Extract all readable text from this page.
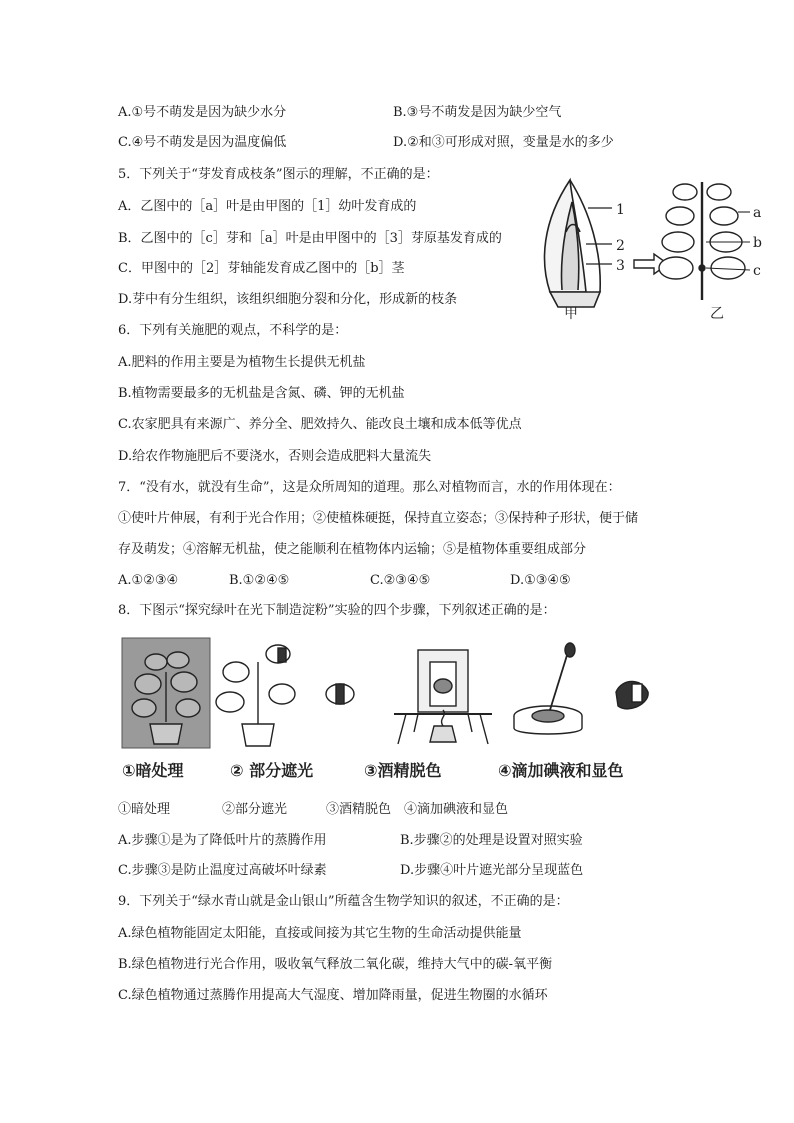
A.①号不萌发是因为缺少水分	B.③号不萌发是因为缺少空气
C.④号不萌发是因为温度偏低	D.②和③可形成对照，变量是水的多少
5．下列关于“芽发育成枝条”图示的理解，不正确的是：
A．乙图中的［a］叶是由甲图的［1］幼叶发育成的
B．乙图中的［c］芽和［a］叶是由甲图中的［3］芽原基发育成的
C．甲图中的［2］芽轴能发育成乙图中的［b］茎
D.芽中有分生组织，该组织细胞分裂和分化，形成新的枝条
1
2
3
甲
a
b
c
乙
6．下列有关施肥的观点，不科学的是：
A.肥料的作用主要是为植物生长提供无机盐
B.植物需要最多的无机盐是含氮、磷、钾的无机盐
C.农家肥具有来源广、养分全、肥效持久、能改良土壤和成本低等优点
D.给农作物施肥后不要浇水，否则会造成肥料大量流失
7．“没有水，就没有生命”，这是众所周知的道理。那么对植物而言，水的作用体现在：
①使叶片伸展，有利于光合作用；②使植株硬挺，保持直立姿态；③保持种子形状，便于储
存及萌发；④溶解无机盐，使之能顺利在植物体内运输；⑤是植物体重要组成部分
A.①②③④	B.①②④⑤	C.②③④⑤	D.①③④⑤
8．下图示“探究绿叶在光下制造淀粉”实验的四个步骤，下列叙述正确的是：
①暗处理	② 部分遮光	③酒精脱色	④滴加碘液和显色
①暗处理　　　　②部分遮光　　　③酒精脱色　④滴加碘液和显色
A.步骤①是为了降低叶片的蒸腾作用	B.步骤②的处理是设置对照实验
C.步骤③是防止温度过高破坏叶绿素	D.步骤④叶片遮光部分呈现蓝色
9．下列关于“绿水青山就是金山银山”所蕴含生物学知识的叙述，不正确的是：
A.绿色植物能固定太阳能，直接或间接为其它生物的生命活动提供能量
B.绿色植物进行光合作用，吸收氧气释放二氧化碳，维持大气中的碳-氧平衡
C.绿色植物通过蒸腾作用提高大气湿度、增加降雨量，促进生物圈的水循环
